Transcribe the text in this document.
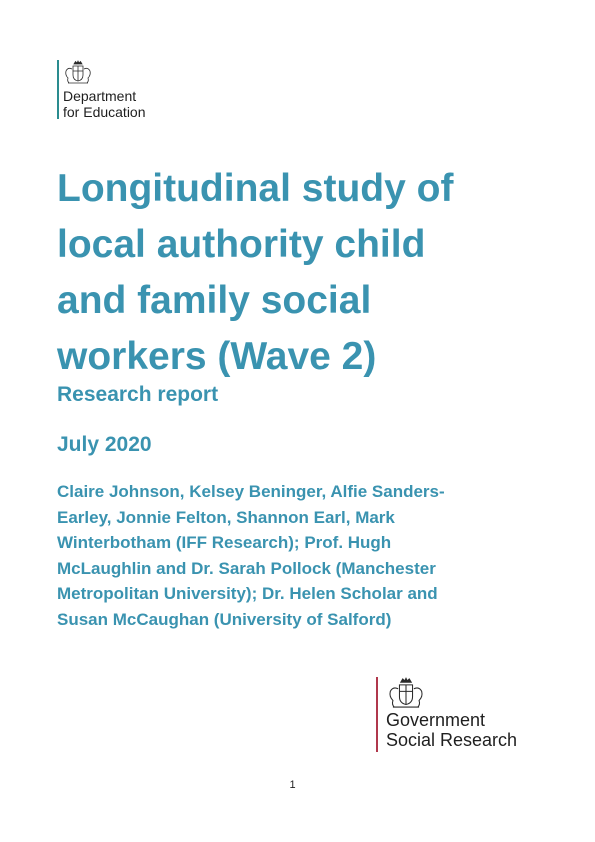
Department
for Education
Longitudinal study of
local authority child
and family social
workers (Wave 2)
Research report
July 2020

Claire Johnson, Kelsey Beninger, Alfie Sanders-
Earley, Jonnie Felton, Shannon Earl, Mark
Winterbotham (IFF Research); Prof. Hugh
McLaughlin and Dr. Sarah Pollock (Manchester
Metropolitan University); Dr. Helen Scholar and
Susan McCaughan (University of Salford)

Government
Social Research
1
